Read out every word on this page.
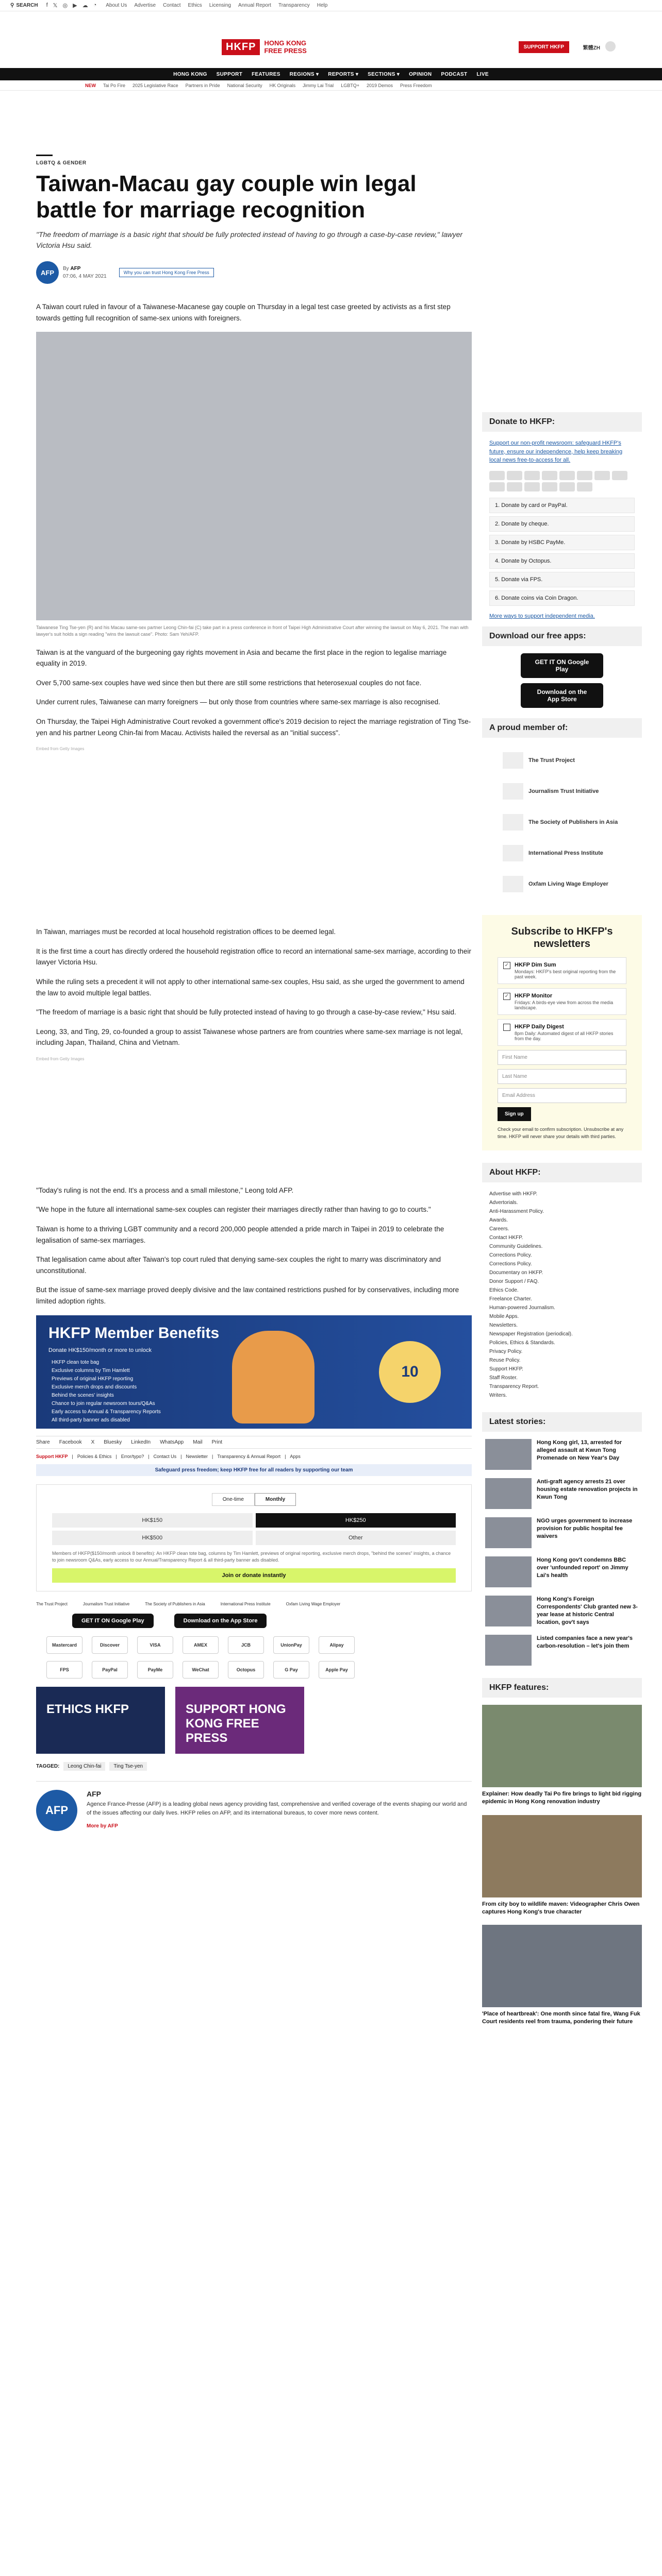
⚲ SEARCH f 𝕏 ◎ ▶ ☁ ◔ About Us Advertise Contact Ethics Licensing Annual Report Transparency Help
HKFP	HONG KONG
FREE PRESS	SUPPORT HKFP	繁體ZH
HONG KONG SUPPORT FEATURES REGIONS ▾ REPORTS ▾ SECTIONS ▾ OPINION PODCAST LIVE
NEW Tai Po Fire 2025 Legislative Race Partners in Pride National Security HK Originals Jimmy Lai Trial LGBTQ+ 2019 Demos Press Freedom
LGBTQ & GENDER
Taiwan-Macau gay couple win legal battle for marriage recognition

"The freedom of marriage is a basic right that should be fully protected instead of having to go through a case-by-case review," lawyer Victoria Hsu said.

AFP	By AFP
07:06, 4 MAY 2021
Why you can trust Hong Kong Free Press

A Taiwan court ruled in favour of a Taiwanese-Macanese gay couple on Thursday in a legal test case greeted by activists as a first step towards getting full recognition of same-sex unions with foreigners.

Taiwanese Ting Tse-yen (R) and his Macau same-sex partner Leong Chin-fai (C) take part in a press conference in front of Taipei High Administrative Court after winning the lawsuit on May 6, 2021. The man with lawyer's suit holds a sign reading "wins the lawsuit case". Photo: Sam Yeh/AFP.

Taiwan is at the vanguard of the burgeoning gay rights movement in Asia and became the first place in the region to legalise marriage equality in 2019.

Over 5,700 same-sex couples have wed since then but there are still some restrictions that heterosexual couples do not face.

Under current rules, Taiwanese can marry foreigners — but only those from countries where same-sex marriage is also recognised.

On Thursday, the Taipei High Administrative Court revoked a government office's 2019 decision to reject the marriage registration of Ting Tse-yen and his partner Leong Chin-fai from Macau. Activists hailed the reversal as an "initial success".

Embed from Getty Images

In Taiwan, marriages must be recorded at local household registration offices to be deemed legal.

It is the first time a court has directly ordered the household registration office to record an international same-sex marriage, according to their lawyer Victoria Hsu.

While the ruling sets a precedent it will not apply to other international same-sex couples, Hsu said, as she urged the government to amend the law to avoid multiple legal battles.

"The freedom of marriage is a basic right that should be fully protected instead of having to go through a case-by-case review," Hsu said.

Leong, 33, and Ting, 29, co-founded a group to assist Taiwanese whose partners are from countries where same-sex marriage is not legal, including Japan, Thailand, China and Vietnam.

Embed from Getty Images

"Today's ruling is not the end. It's a process and a small milestone," Leong told AFP.

"We hope in the future all international same-sex couples can register their marriages directly rather than having to go to courts."

Taiwan is home to a thriving LGBT community and a record 200,000 people attended a pride march in Taipei in 2019 to celebrate the legalisation of same-sex marriages.

That legalisation came about after Taiwan's top court ruled that denying same-sex couples the right to marry was discriminatory and unconstitutional.

But the issue of same-sex marriage proved deeply divisive and the law contained restrictions pushed for by conservatives, including more limited adoption rights.

HKFP Member Benefits
Donate HK$150/month or more to unlock
HKFP clean tote bag
Exclusive columns by Tim Hamlett
Previews of original HKFP reporting
Exclusive merch drops and discounts
Behind the scenes' insights
Chance to join regular newsroom tours/Q&As
Early access to Annual & Transparency Reports
All third-party banner ads disabled
10
Share Facebook X Bluesky LinkedIn WhatsApp Mail Print
Support HKFP | Policies & Ethics | Error/typo? | Contact Us | Newsletter | Transparency & Annual Report | Apps
Safeguard press freedom; keep HKFP free for all readers by supporting our team
One-time	Monthly
HK$150	HK$250
HK$500	Other
Members of HKFP($150/month unlock 8 benefits): An HKFP clean tote bag, columns by Tim Hamlett, previews of original reporting, exclusive merch drops, "behind the scenes" insights, a chance to join newsroom Q&As, early access to our Annual/Transparency Report & all third-party banner ads disabled.
Join or donate instantly
The Trust Project	Journalism Trust Initiative	The Society of Publishers in Asia	International Press Institute	Oxfam Living Wage Employer
GET IT ON Google Play	Download on the App Store
Mastercard	Discover	VISA	AMEX	JCB	UnionPay	Alipay
FPS	PayPal	PayMe	WeChat	Octopus	G Pay	Apple Pay
ETHICS HKFP	SUPPORT HONG KONG FREE PRESS
TAGGED:	Leong Chin-fai	Ting Tse-yen
AFP
AFP

Agence France-Presse (AFP) is a leading global news agency providing fast, comprehensive and verified coverage of the events shaping our world and of the issues affecting our daily lives. HKFP relies on AFP, and its international bureaus, to cover more news content.

More by AFP
Donate to HKFP:
Support our non-profit newsroom: safeguard HKFP's future, ensure our independence, help keep breaking local news free-to-access for all.
1. Donate by card or PayPal.
2. Donate by cheque.
3. Donate by HSBC PayMe.
4. Donate by Octopus.
5. Donate via FPS.
6. Donate coins via Coin Dragon.
More ways to support independent media.
Download our free apps:
GET IT ON Google Play
Download on the App Store
A proud member of:
The Trust Project
Journalism Trust Initiative
The Society of Publishers in Asia
International Press Institute
Oxfam Living Wage Employer
Subscribe to HKFP's newsletters
✓ HKFP Dim Sum
Mondays: HKFP's best original reporting from the past week.
✓ HKFP Monitor
Fridays: A birds-eye view from across the media landscape.
HKFP Daily Digest
8pm Daily: Automated digest of all HKFP stories from the day.
First Name
Last Name
Email Address
Sign up
Check your email to confirm subscription. Unsubscribe at any time. HKFP will never share your details with third parties.
About HKFP:
Advertise with HKFP.
Advertorials.
Anti-Harassment Policy.
Awards.
Careers.
Contact HKFP.
Community Guidelines.
Corrections Policy.
Corrections Policy.
Documentary on HKFP.
Donor Support / FAQ.
Ethics Code.
Freelance Charter.
Human-powered Journalism.
Mobile Apps.
Newsletters.
Newspaper Registration (periodical).
Policies, Ethics & Standards.
Privacy Policy.
Reuse Policy.
Support HKFP.
Staff Roster.
Transparency Report.
Writers.
Latest stories:
Hong Kong girl, 13, arrested for alleged assault at Kwun Tong Promenade on New Year's Day
Anti-graft agency arrests 21 over housing estate renovation projects in Kwun Tong
NGO urges government to increase provision for public hospital fee waivers
Hong Kong gov't condemns BBC over 'unfounded report' on Jimmy Lai's health
Hong Kong's Foreign Correspondents' Club granted new 3-year lease at historic Central location, gov't says
Listed companies face a new year's carbon-resolution – let's join them
HKFP features:
Explainer: How deadly Tai Po fire brings to light bid rigging epidemic in Hong Kong renovation industry
From city boy to wildlife maven: Videographer Chris Owen captures Hong Kong's true character
'Place of heartbreak': One month since fatal fire, Wang Fuk Court residents reel from trauma, pondering their future
